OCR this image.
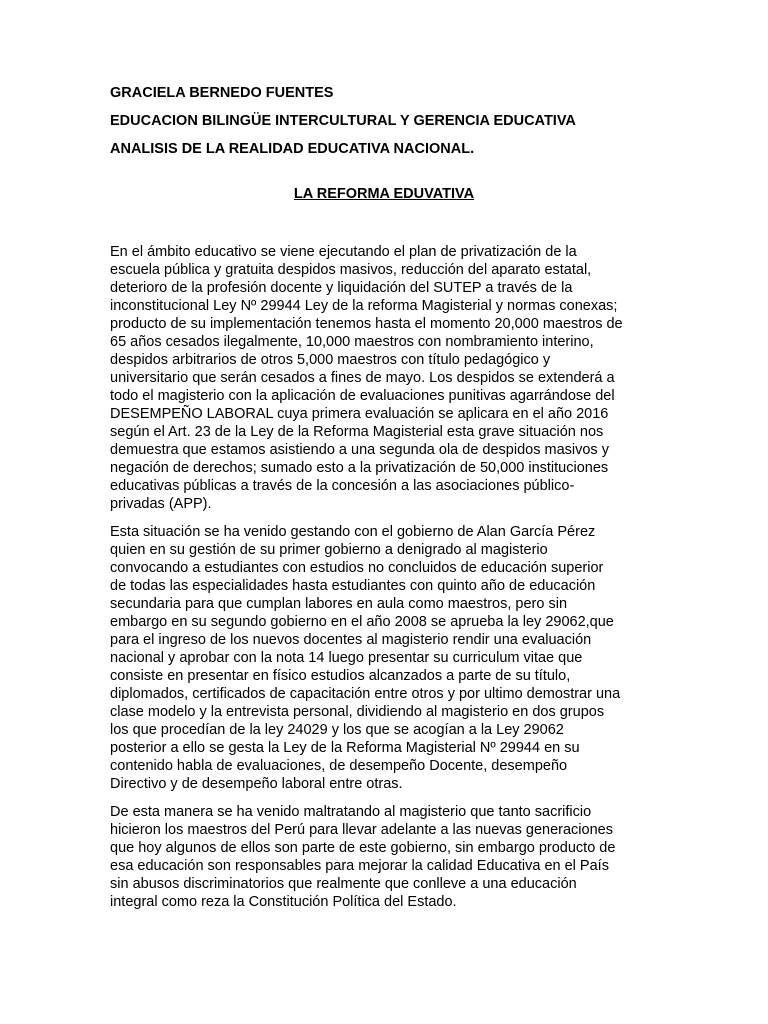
GRACIELA BERNEDO FUENTES
EDUCACION BILINGÜE INTERCULTURAL Y GERENCIA EDUCATIVA
ANALISIS DE LA REALIDAD EDUCATIVA NACIONAL.
LA REFORMA EDUVATIVA

En el ámbito educativo se viene ejecutando el plan de privatización de la
escuela pública y gratuita despidos masivos, reducción del aparato estatal,
deterioro de la profesión docente y liquidación del SUTEP a través de la
inconstitucional Ley Nº 29944 Ley de la reforma Magisterial y normas conexas;
producto de su implementación tenemos hasta el momento 20,000 maestros de
65 años cesados ilegalmente, 10,000 maestros con nombramiento interino,
despidos arbitrarios de otros 5,000 maestros con título pedagógico y
universitario que serán cesados a fines de mayo. Los despidos se extenderá a
todo el magisterio con la aplicación de evaluaciones punitivas agarrándose del
DESEMPEÑO LABORAL cuya primera evaluación se aplicara en el año 2016
según el Art. 23 de la Ley de la Reforma Magisterial esta grave situación nos
demuestra que estamos asistiendo a una segunda ola de despidos masivos y
negación de derechos; sumado esto a la privatización de 50,000 instituciones
educativas públicas a través de la concesión a las asociaciones público-
privadas (APP).

Esta situación se ha venido gestando con el gobierno de Alan García Pérez
quien en su gestión de su primer gobierno a denigrado al magisterio
convocando a estudiantes con estudios no concluidos de educación superior
de todas las especialidades hasta estudiantes con quinto año de educación
secundaria para que cumplan labores en aula como maestros, pero sin
embargo en su segundo gobierno en el año 2008 se aprueba la ley 29062,que
para el ingreso de los nuevos docentes al magisterio rendir una evaluación
nacional y aprobar con la nota 14 luego presentar su curriculum vitae que
consiste en presentar en físico estudios alcanzados a parte de su título,
diplomados, certificados de capacitación entre otros y por ultimo demostrar una
clase modelo y la entrevista personal, dividiendo al magisterio en dos grupos
los que procedían de la ley 24029 y los que se acogían a la Ley 29062
posterior a ello se gesta la Ley de la Reforma Magisterial Nº 29944 en su
contenido habla de evaluaciones, de desempeño Docente, desempeño
Directivo y de desempeño laboral entre otras.

De esta manera se ha venido maltratando al magisterio que tanto sacrificio
hicieron los maestros del Perú para llevar adelante a las nuevas generaciones
que hoy algunos de ellos son parte de este gobierno, sin embargo producto de
esa educación son responsables para mejorar la calidad Educativa en el País
sin abusos discriminatorios que realmente que conlleve a una educación
integral como reza la Constitución Política del Estado.
